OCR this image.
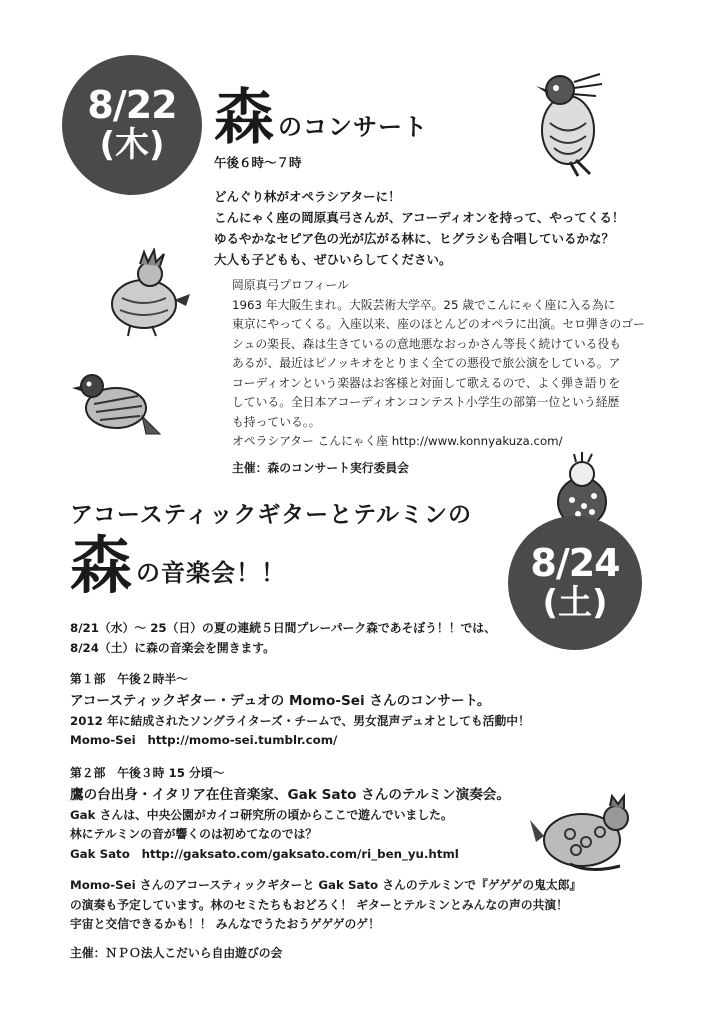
8/22
(木) 森 のコンサート
午後６時〜７時
どんぐり林がオペラシアターに！
こんにゃく座の岡原真弓さんが、アコーディオンを持って、やってくる！
ゆるやかなセピア色の光が広がる林に、ヒグラシも合唱しているかな？
大人も子どもも、ぜひいらしてください。
岡原真弓プロフィール
1963 年大阪生まれ。大阪芸術大学卒。25 歳でこんにゃく座に入る為に
東京にやってくる。入座以来、座のほとんどのオペラに出演。セロ弾きのゴー
シュの楽長、森は生きているの意地悪なおっかさん等長く続けている役も
あるが、最近はピノッキオをとりまく全ての悪役で旅公演をしている。ア
コーディオンという楽器はお客様と対面して歌えるので、よく弾き語りを
している。全日本アコーディオンコンテスト小学生の部第一位という経歴
も持っている。。
オペラシアター こんにゃく座 http://www.konnyakuza.com/
主催：森のコンサート実行委員会
アコースティックギターとテルミンの
森 の音楽会！！	8/24
(土)
8/21（水）〜 25（日）の夏の連続５日間プレーパーク森であそぼう！！では、
8/24（土）に森の音楽会を開きます。
第１部　午後２時半〜
アコースティックギター・デュオの Momo-Sei さんのコンサート。
2012 年に結成されたソングライターズ・チームで、男女混声デュオとしても活動中！
Momo-Sei　http://momo-sei.tumblr.com/
第２部　午後３時 15 分頃〜
鷹の台出身・イタリア在住音楽家、Gak Sato さんのテルミン演奏会。
Gak さんは、中央公園がカイコ研究所の頃からここで遊んでいました。
林にテルミンの音が響くのは初めてなのでは？
Gak Sato　http://gaksato.com/gaksato.com/ri_ben_yu.html
Momo-Sei さんのアコースティックギターと Gak Sato さんのテルミンで『ゲゲゲの鬼太郎』
の演奏も予定しています。林のセミたちもおどろく！ ギターとテルミンとみんなの声の共演！
宇宙と交信できるかも！！ みんなでうたおうゲゲゲのゲ！
主催：ＮＰＯ法人こだいら自由遊びの会
